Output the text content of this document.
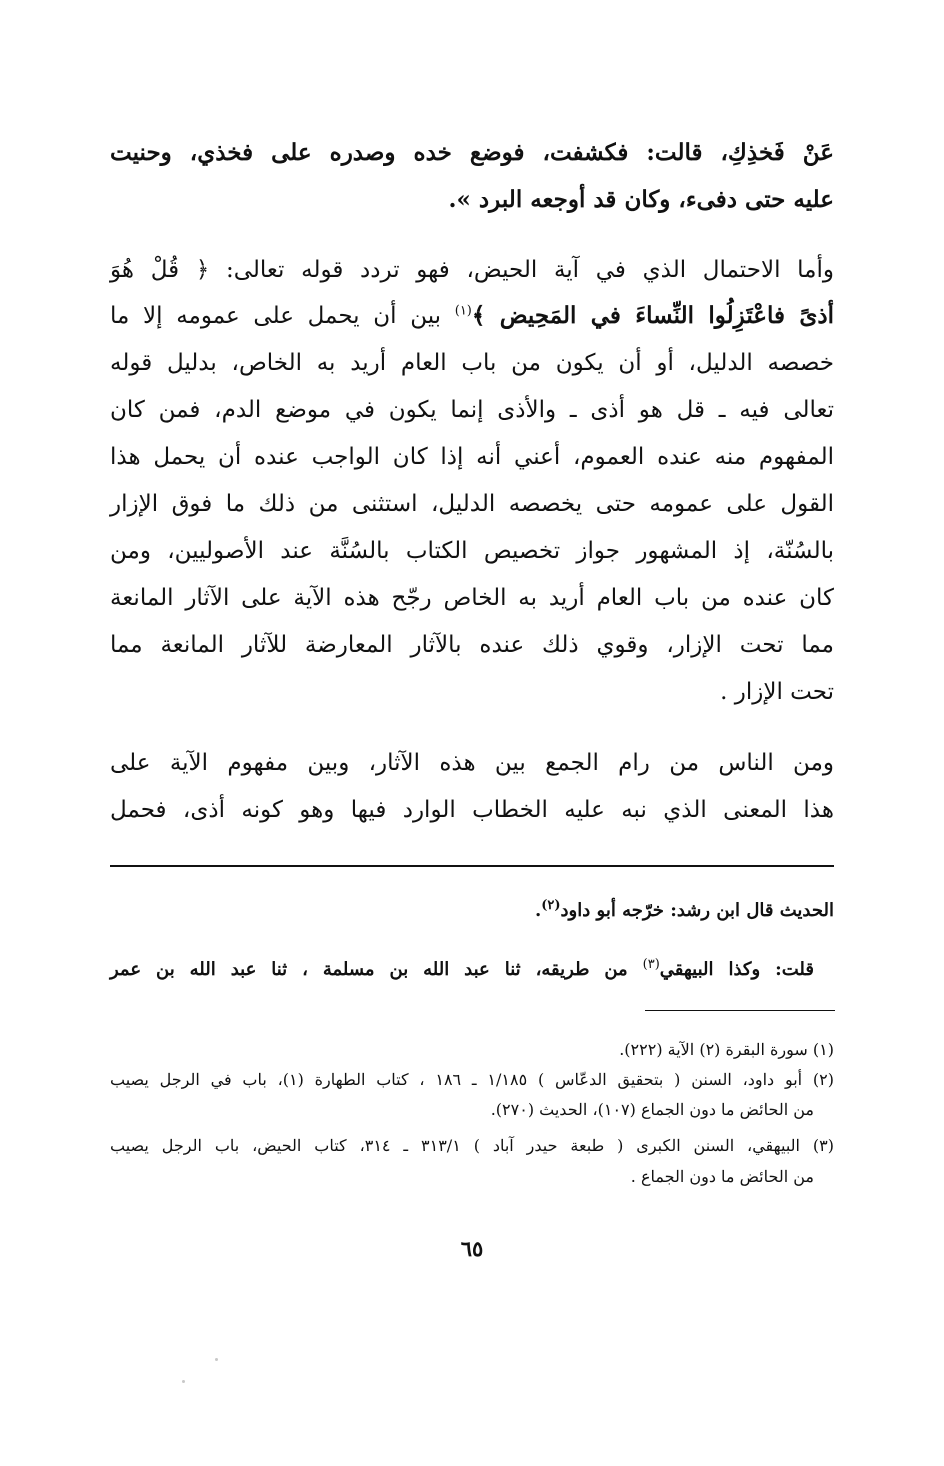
عَنْ فَخذِكِ، قالت: فكشفت، فوضع خده وصدره على فخذي، وحنيت
عليه حتى دفىء، وكان قد أوجعه البرد ».
وأما الاحتمال الذي في آية الحيض، فهو تردد قوله تعالى: ﴿ قُلْ هُوَ
أذىً فاعْتَزِلُوا النِّساءَ في المَحِيض ﴾$^{(١)}$ بين أن يحمل على عمومه إلا ما
خصصه الدليل، أو أن يكون من باب العام أريد به الخاص، بدليل قوله
تعالى فيه ـ قل هو أذى ـ والأذى إنما يكون في موضع الدم، فمن كان
المفهوم منه عنده العموم، أعني أنه إذا كان الواجب عنده أن يحمل هذا
القول على عمومه حتى يخصصه الدليل، استثنى من ذلك ما فوق الإزار
بالسُنّة، إذ المشهور جواز تخصيص الكتاب بالسُنَّة عند الأصوليين، ومن
كان عنده من باب العام أريد به الخاص رجّح هذه الآية على الآثار المانعة
مما تحت الإزار، وقوي ذلك عنده بالآثار المعارضة للآثار المانعة مما
تحت الإزار .
ومن الناس من رام الجمع بين هذه الآثار، وبين مفهوم الآية على
هذا المعنى الذي نبه عليه الخطاب الوارد فيها وهو كونه أذى، فحمل
الحديث قال ابن رشد: خرّجه أبو داود$^{(٢)}$.
قلت: وكذا البيهقي$^{(٣)}$ من طريقه، ثنا عبد الله بن مسلمة ، ثنا عبد الله بن عمر
(١) سورة البقرة (٢) الآية (٢٢٢).
(٢) أبو داود، السنن ( بتحقيق الدعّاس ) ١/١٨٥ ـ ١٨٦ ، كتاب الطهارة (١)، باب في الرجل يصيب
من الحائض ما دون الجماع (١٠٧)، الحديث (٢٧٠).
(٣) البيهقي، السنن الكبرى ( طبعة حيدر آباد ) ٣١٣/١ ـ ٣١٤، كتاب الحيض، باب الرجل يصيب
من الحائض ما دون الجماع .
٦٥
